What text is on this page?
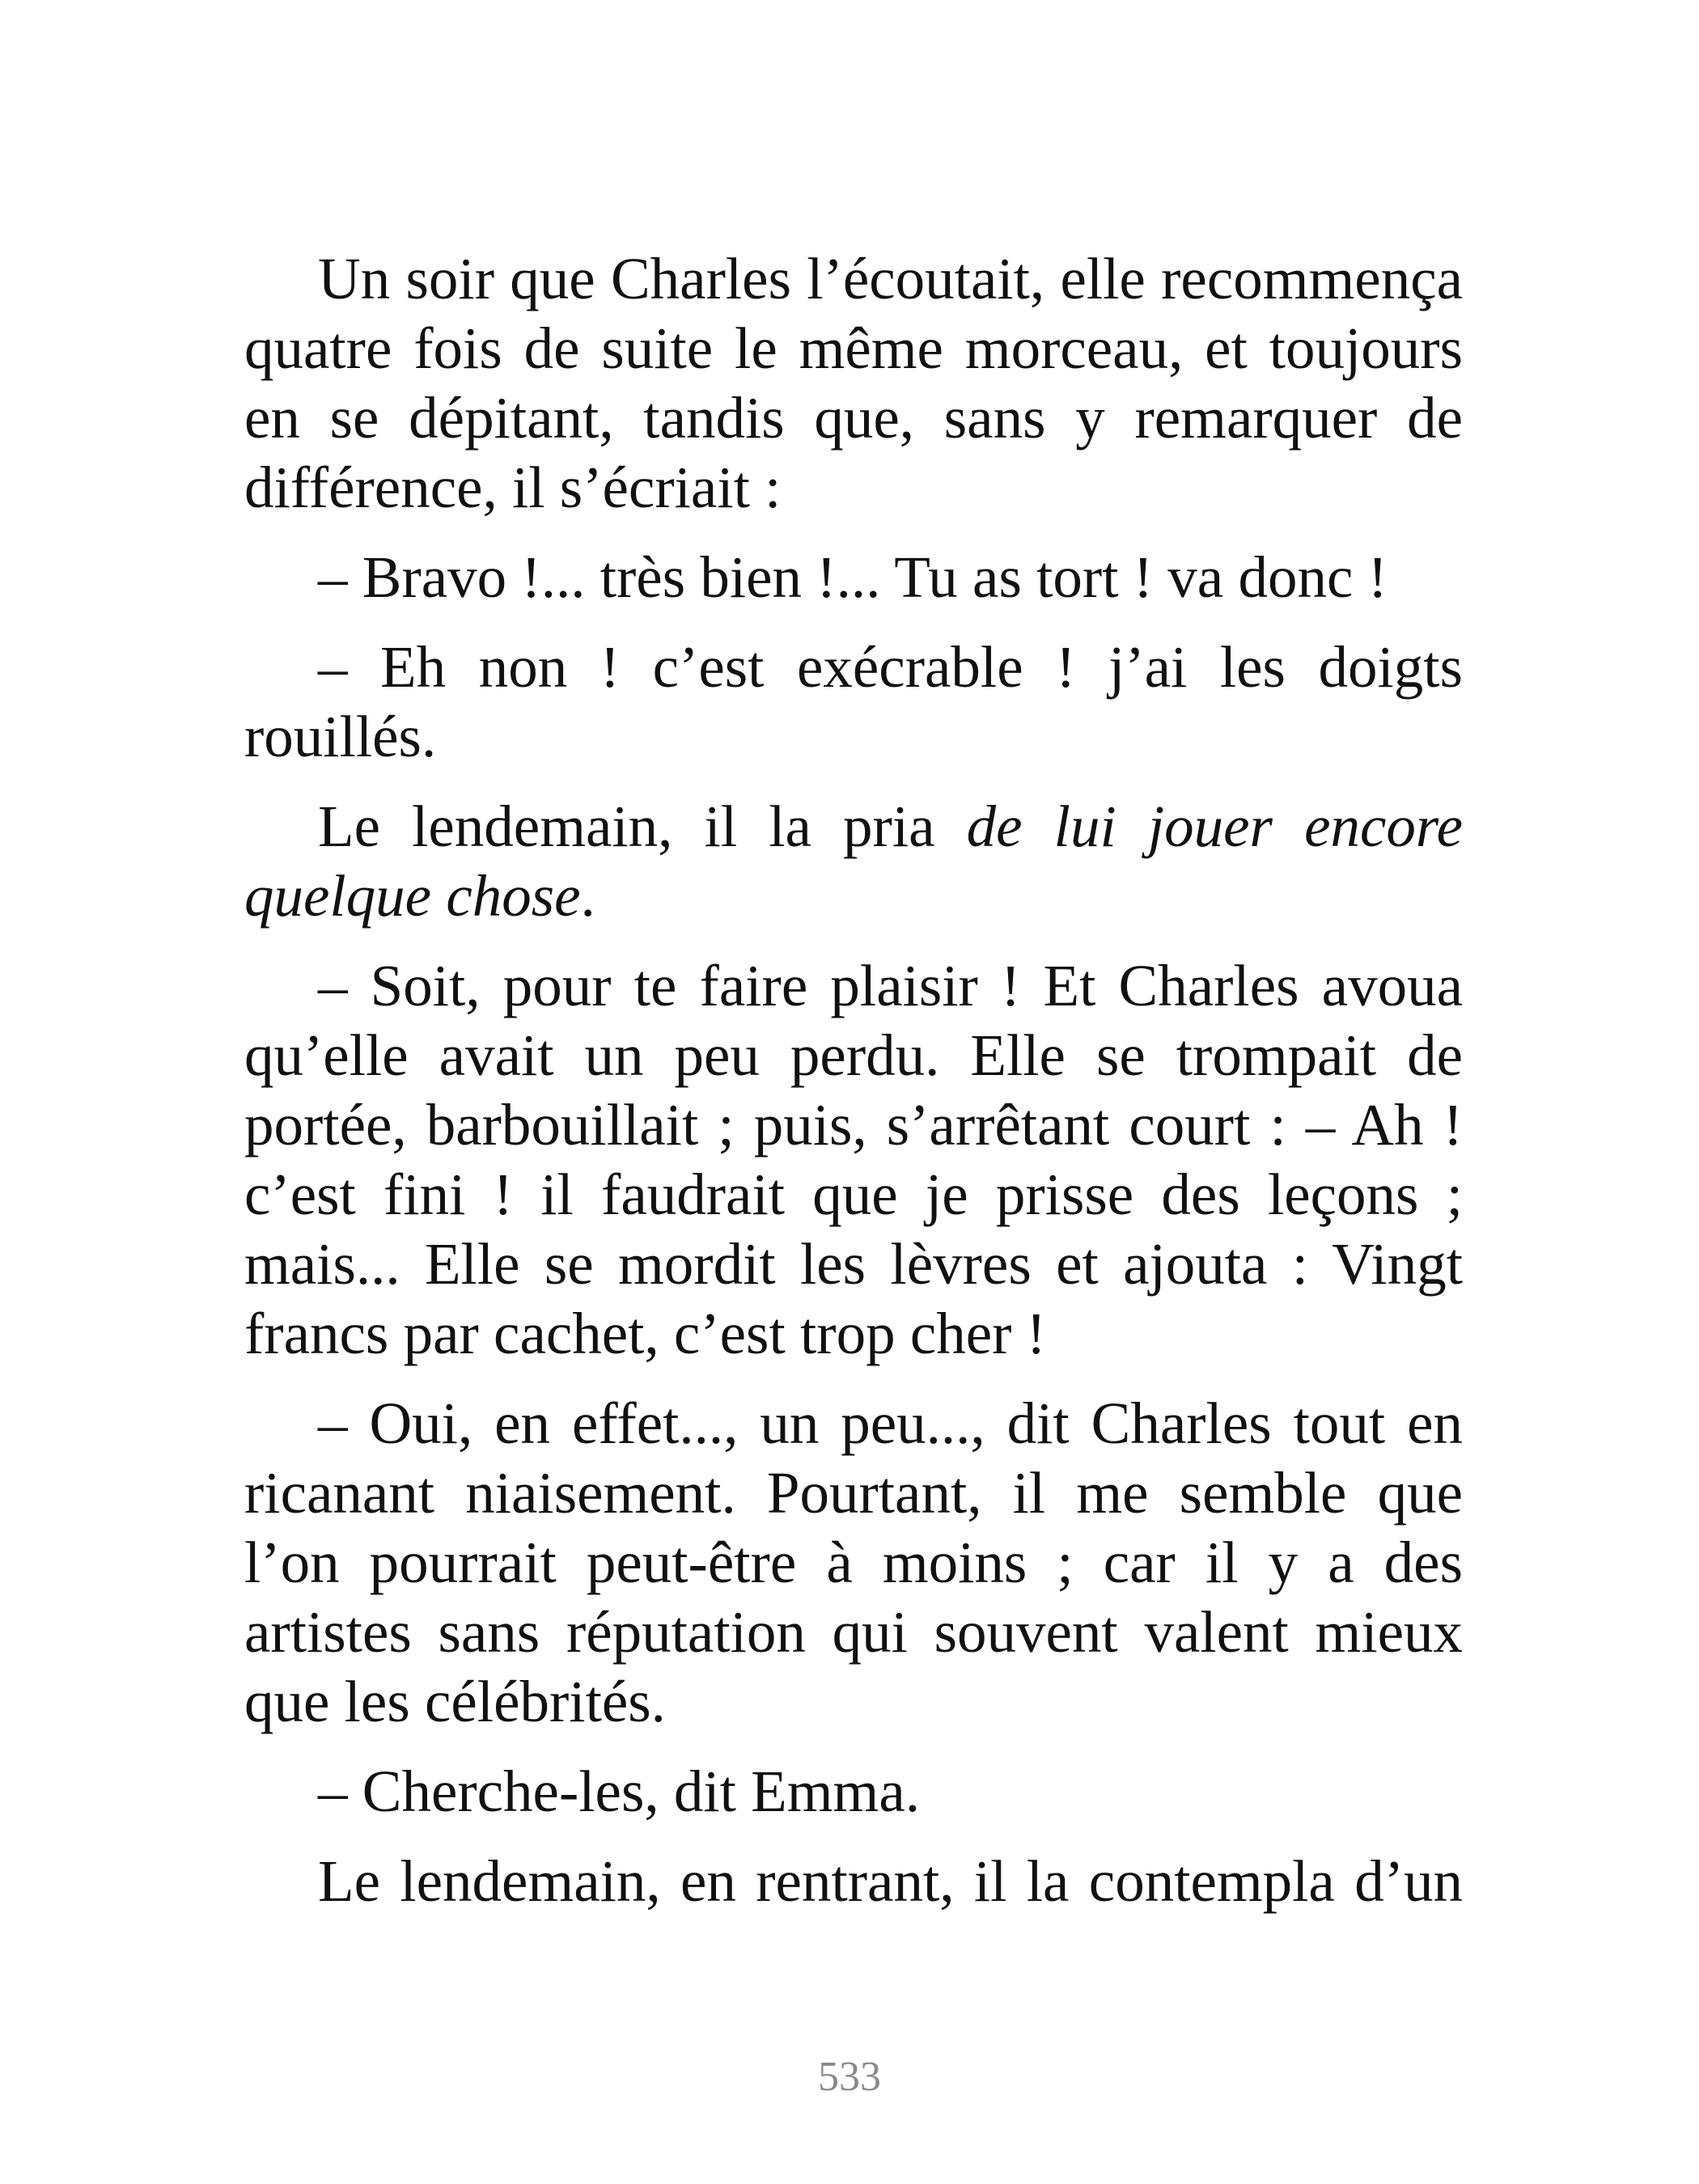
Un soir que Charles l’écoutait, elle recommença quatre fois de suite le même morceau, et toujours en se dépitant, tandis que, sans y remarquer de différence, il s’écriait :

– Bravo !... très bien !... Tu as tort ! va donc !

– Eh non ! c’est exécrable ! j’ai les doigts rouillés.

Le lendemain, il la pria de lui jouer encore quelque chose.

– Soit, pour te faire plaisir ! Et Charles avoua qu’elle avait un peu perdu. Elle se trompait de portée, barbouillait ; puis, s’arrêtant court : – Ah ! c’est fini ! il faudrait que je prisse des leçons ; mais... Elle se mordit les lèvres et ajouta : Vingt francs par cachet, c’est trop cher !

– Oui, en effet..., un peu..., dit Charles tout en ricanant niaisement. Pourtant, il me semble que l’on pourrait peut-être à moins ; car il y a des artistes sans réputation qui souvent valent mieux que les célébrités.

– Cherche-les, dit Emma.

Le lendemain, en rentrant, il la contempla d’un

533
